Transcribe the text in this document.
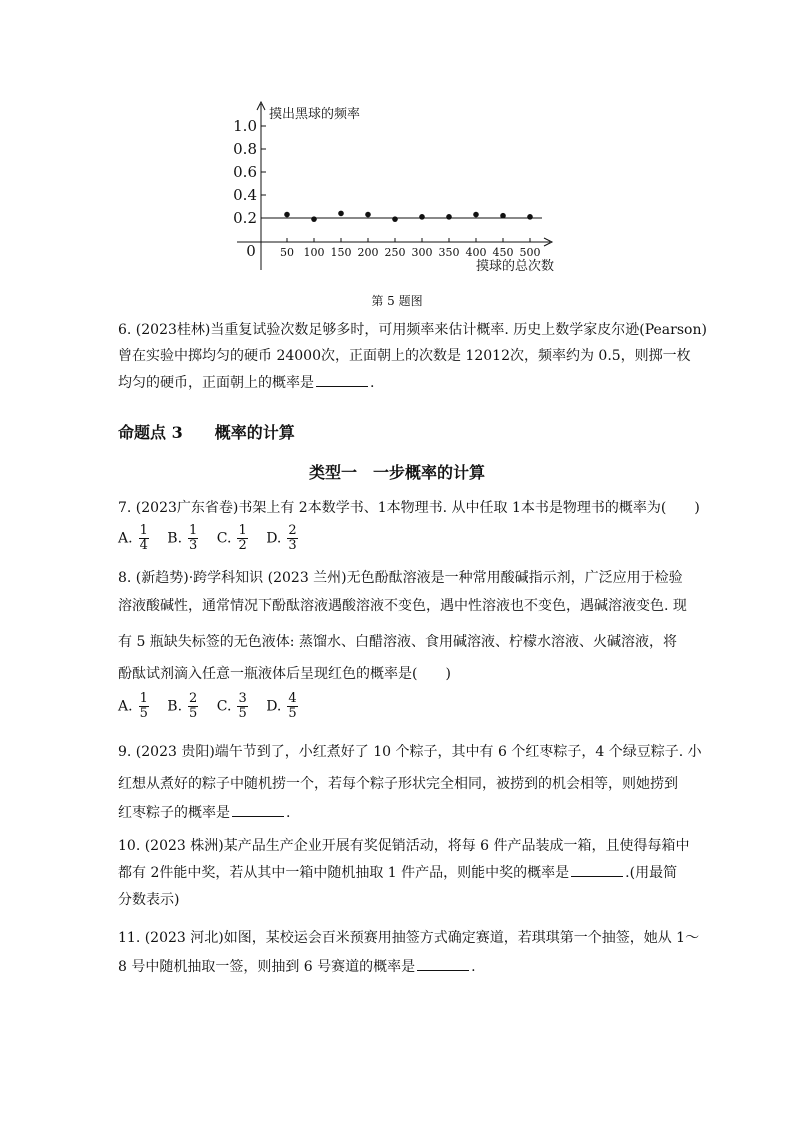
摸出黑球的频率
摸球的总次数
0
0.2
0.4
0.6
0.8
1.0
50 100 150 200 250 300 350 400 450 500
第 5 题图
6. (2023桂林)当重复试验次数足够多时，可用频率来估计概率. 历史上数学家皮尔逊(Pearson)
曾在实验中掷均匀的硬币 24000次，正面朝上的次数是 12012次，频率约为 0.5，则掷一枚
均匀的硬币，正面朝上的概率是	.
命题点 3　　概率的计算
类型一　一步概率的计算
7. (2023广东省卷)书架上有 2本数学书、1本物理书. 从中任取 1本书是物理书的概率为(　　)
A. $\frac{1}{4} B$. $\frac{1}{3} C$. $\frac{1}{2} D$. $\frac{2}{3}$
8. (新趋势)·跨学科知识 (2023 兰州)无色酚酞溶液是一种常用酸碱指示剂，广泛应用于检验
溶液酸碱性，通常情况下酚酞溶液遇酸溶液不变色，遇中性溶液也不变色，遇碱溶液变色. 现
有 5 瓶缺失标签的无色液体: 蒸馏水、白醋溶液、食用碱溶液、柠檬水溶液、火碱溶液，将
酚酞试剂滴入任意一瓶液体后呈现红色的概率是(　　)
A. $\frac{1}{5} B$. $\frac{2}{5} C$. $\frac{3}{5} D$. $\frac{4}{5}$
9. (2023 贵阳)端午节到了，小红煮好了 10 个粽子，其中有 6 个红枣粽子，4 个绿豆粽子. 小
红想从煮好的粽子中随机捞一个，若每个粽子形状完全相同，被捞到的机会相等，则她捞到
红枣粽子的概率是	.
10. (2023 株洲)某产品生产企业开展有奖促销活动，将每 6 件产品装成一箱，且使得每箱中
都有 2件能中奖，若从其中一箱中随机抽取 1 件产品，则能中奖的概率是	.(用最简
分数表示)
11. (2023 河北)如图，某校运会百米预赛用抽签方式确定赛道，若琪琪第一个抽签，她从 1～
8 号中随机抽取一签，则抽到 6 号赛道的概率是	.
